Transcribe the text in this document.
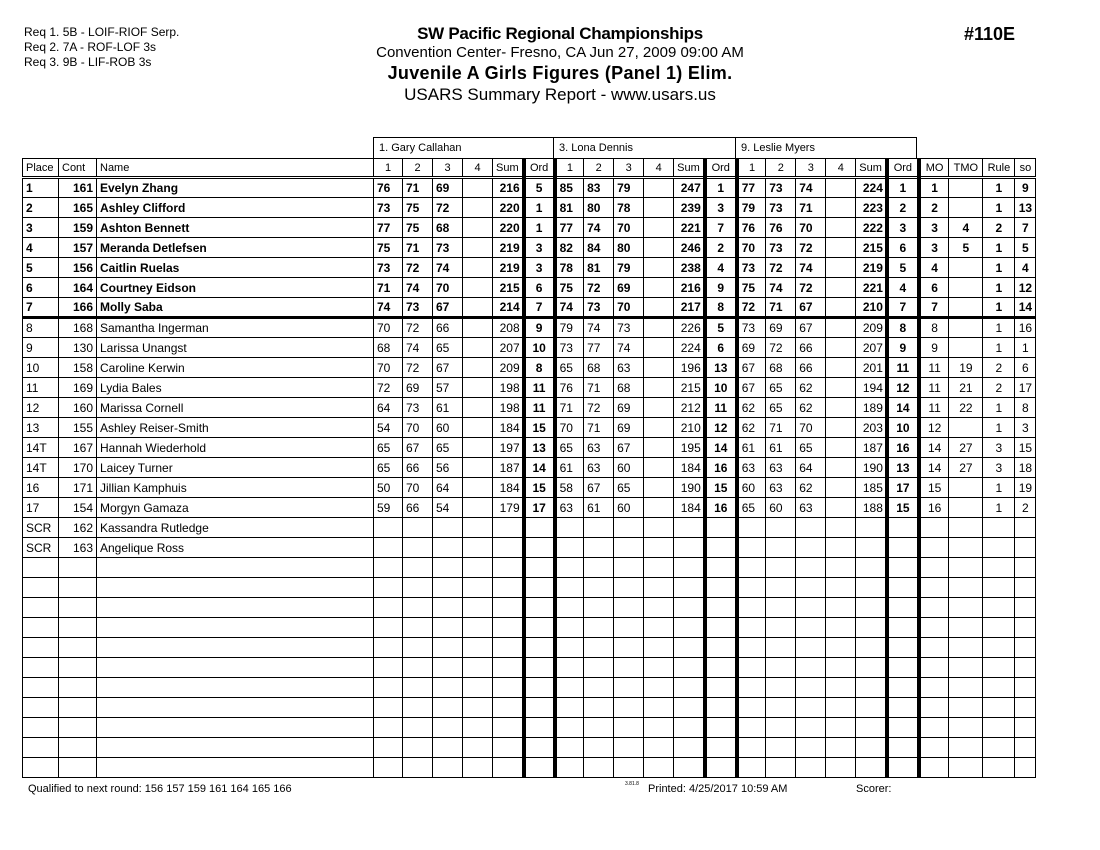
Req 1. 5B - LOIF-RIOF Serp.
Req 2. 7A - ROF-LOF 3s
Req 3. 9B - LIF-ROB 3s
SW Pacific Regional Championships
Convention Center- Fresno, CA Jun 27, 2009 09:00 AM
Juvenile A Girls Figures (Panel 1) Elim.
USARS Summary Report - www.usars.us
#110E
1. Gary Callahan	3. Lona Dennis	9. Leslie Myers
Place	Cont	Name	1	2	3	4	Sum	Ord	1	2	3	4	Sum	Ord	1	2	3	4	Sum	Ord	MO	TMO	Rule	so
1	161	Evelyn Zhang	76	71	69		216	5	85	83	79		247	1	77	73	74		224	1	1		1	9
2	165	Ashley Clifford	73	75	72		220	1	81	80	78		239	3	79	73	71		223	2	2		1	13
3	159	Ashton Bennett	77	75	68		220	1	77	74	70		221	7	76	76	70		222	3	3	4	2	7
4	157	Meranda Detlefsen	75	71	73		219	3	82	84	80		246	2	70	73	72		215	6	3	5	1	5
5	156	Caitlin Ruelas	73	72	74		219	3	78	81	79		238	4	73	72	74		219	5	4		1	4
6	164	Courtney Eidson	71	74	70		215	6	75	72	69		216	9	75	74	72		221	4	6		1	12
7	166	Molly Saba	74	73	67		214	7	74	73	70		217	8	72	71	67		210	7	7		1	14
8	168	Samantha Ingerman	70	72	66		208	9	79	74	73		226	5	73	69	67		209	8	8		1	16
9	130	Larissa Unangst	68	74	65		207	10	73	77	74		224	6	69	72	66		207	9	9		1	1
10	158	Caroline Kerwin	70	72	67		209	8	65	68	63		196	13	67	68	66		201	11	11	19	2	6
11	169	Lydia Bales	72	69	57		198	11	76	71	68		215	10	67	65	62		194	12	11	21	2	17
12	160	Marissa Cornell	64	73	61		198	11	71	72	69		212	11	62	65	62		189	14	11	22	1	8
13	155	Ashley Reiser-Smith	54	70	60		184	15	70	71	69		210	12	62	71	70		203	10	12		1	3
14T	167	Hannah Wiederhold	65	67	65		197	13	65	63	67		195	14	61	61	65		187	16	14	27	3	15
14T	170	Laicey Turner	65	66	56		187	14	61	63	60		184	16	63	63	64		190	13	14	27	3	18
16	171	Jillian Kamphuis	50	70	64		184	15	58	67	65		190	15	60	63	62		185	17	15		1	19
17	154	Morgyn Gamaza	59	66	54		179	17	63	61	60		184	16	65	60	63		188	15	16		1	2
SCR	162	Kassandra Rutledge																						
SCR	163	Angelique Ross																						

Qualified to next round: 156 157 159 161 164 165 166	3.81.8 Printed: 4/25/2017 10:59 AM	Scorer:
